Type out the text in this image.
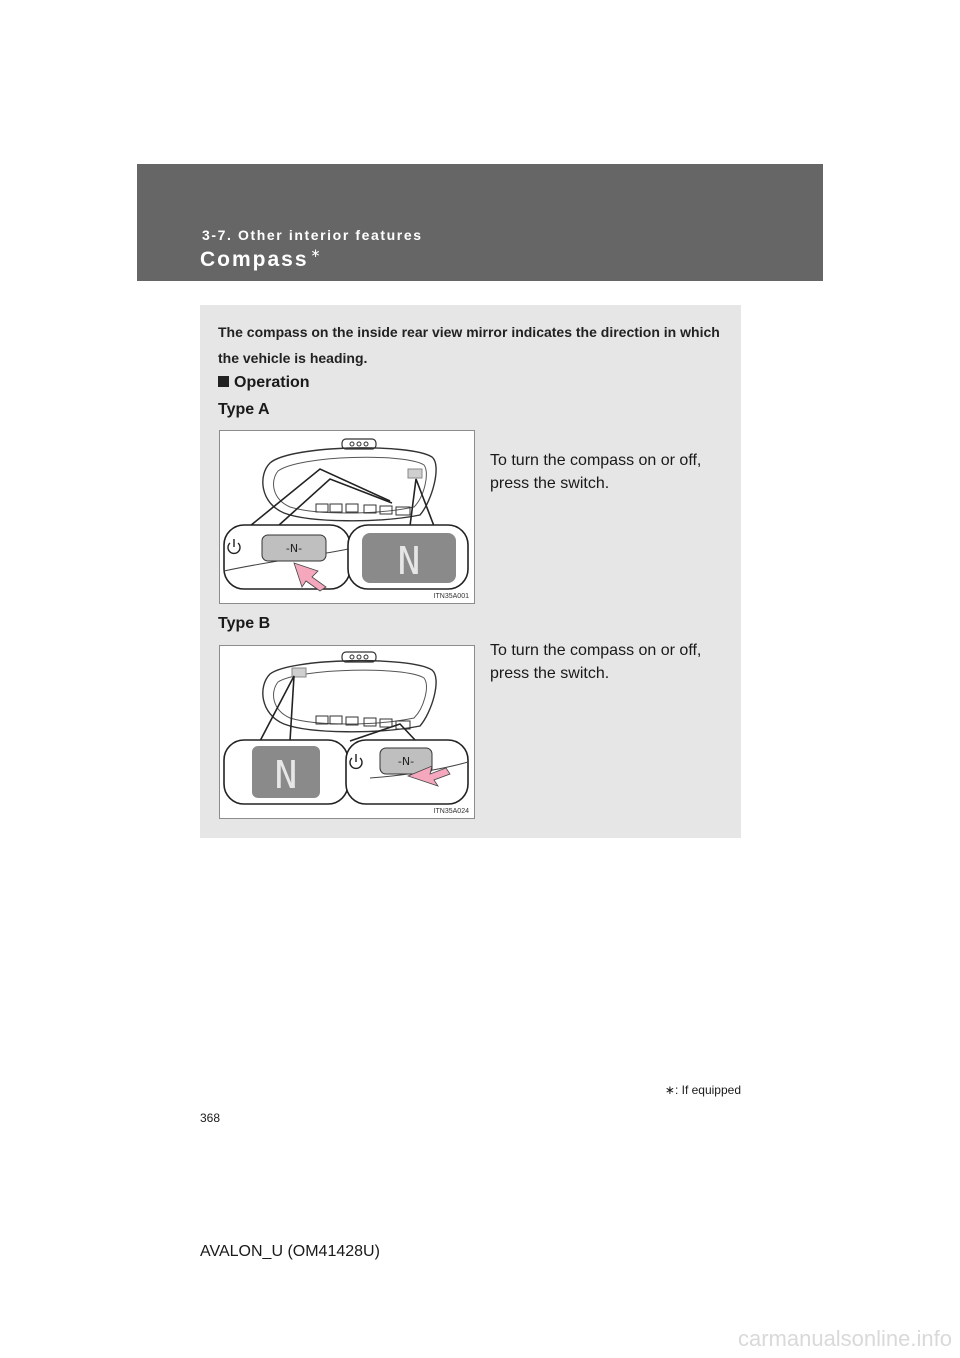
3-7. Other interior features
Compass ∗
The compass on the inside rear view mirror indicates the direction in which the vehicle is heading.
Operation
Type A
-N-	N
ITN35A001
To turn the compass on or off, press the switch.
Type B
N	-N-
ITN35A024
To turn the compass on or off, press the switch.
∗: If equipped
368
AVALON_U (OM41428U)
carmanualsonline.info
